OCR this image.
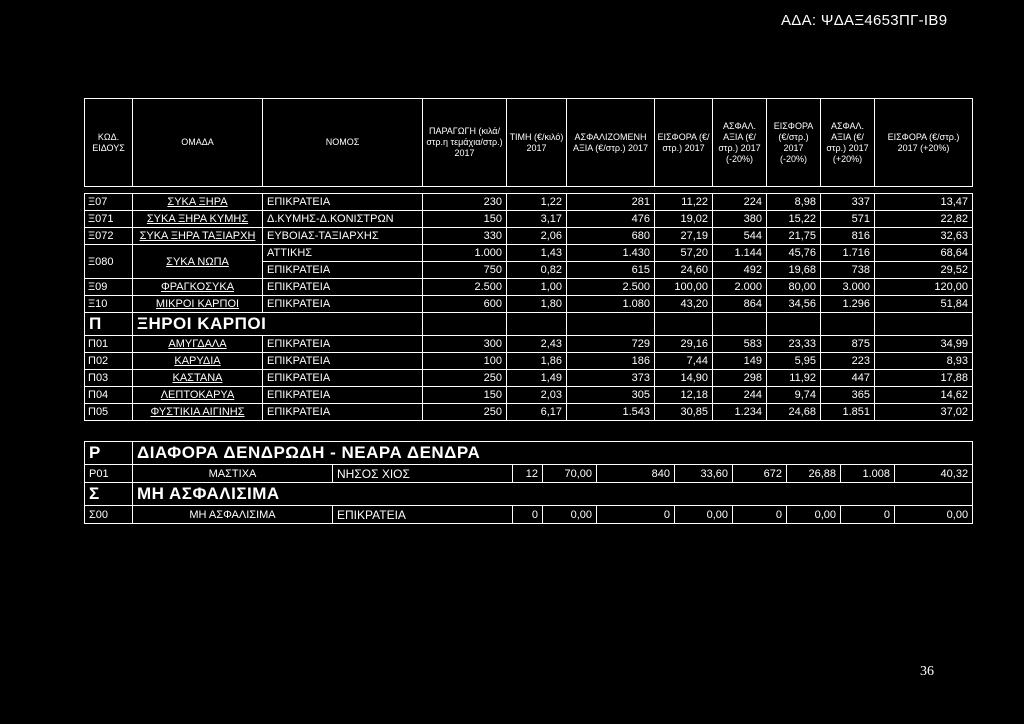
ΑΔΑ: ΨΔΑΞ4653ΠΓ-ΙΒ9
ΚΩΔ. ΕΙΔΟΥΣ	ΟΜΑΔΑ	ΝΟΜΟΣ	ΠΑΡΑΓΩΓΗ (κιλά/στρ.η τεμάχια/στρ.) 2017	ΤΙΜΗ (€/κιλό) 2017	ΑΣΦΑΛΙΖΟΜΕΝΗ ΑΞΙΑ (€/στρ.) 2017	ΕΙΣΦΟΡΑ (€/στρ.) 2017	ΑΣΦΑΛ. ΑΞΙΑ (€/στρ.) 2017 (-20%)	ΕΙΣΦΟΡΑ (€/στρ.) 2017 (-20%)	ΑΣΦΑΛ. ΑΞΙΑ (€/στρ.) 2017 (+20%)	ΕΙΣΦΟΡΑ (€/στρ.) 2017 (+20%)

Ξ07	ΣΥΚΑ ΞΗΡΑ	ΕΠΙΚΡΑΤΕΙΑ	230	1,22	281	11,22	224	8,98	337	13,47
Ξ071	ΣΥΚΑ ΞΗΡΑ ΚΥΜΗΣ	Δ.ΚΥΜΗΣ-Δ.ΚΟΝΙΣΤΡΩΝ	150	3,17	476	19,02	380	15,22	571	22,82
Ξ072	ΣΥΚΑ ΞΗΡΑ ΤΑΞΙΑΡΧΗ	ΕΥΒΟΙΑΣ-ΤΑΞΙΑΡΧΗΣ	330	2,06	680	27,19	544	21,75	816	32,63
Ξ080	ΣΥΚΑ ΝΩΠΑ	ΑΤΤΙΚΗΣ	1.000	1,43	1.430	57,20	1.144	45,76	1.716	68,64
		ΕΠΙΚΡΑΤΕΙΑ	750	0,82	615	24,60	492	19,68	738	29,52
Ξ09	ΦΡΑΓΚΟΣΥΚΑ	ΕΠΙΚΡΑΤΕΙΑ	2.500	1,00	2.500	100,00	2.000	80,00	3.000	120,00
Ξ10	ΜΙΚΡΟΙ ΚΑΡΠΟΙ	ΕΠΙΚΡΑΤΕΙΑ	600	1,80	1.080	43,20	864	34,56	1.296	51,84
Π	ΞΗΡΟΙ ΚΑΡΠΟΙ									
Π01	ΑΜΥΓΔΑΛΑ	ΕΠΙΚΡΑΤΕΙΑ	300	2,43	729	29,16	583	23,33	875	34,99
Π02	ΚΑΡΥΔΙΑ	ΕΠΙΚΡΑΤΕΙΑ	100	1,86	186	7,44	149	5,95	223	8,93
Π03	ΚΑΣΤΑΝΑ	ΕΠΙΚΡΑΤΕΙΑ	250	1,49	373	14,90	298	11,92	447	17,88
Π04	ΛΕΠΤΟΚΑΡΥΑ	ΕΠΙΚΡΑΤΕΙΑ	150	2,03	305	12,18	244	9,74	365	14,62
Π05	ΦΥΣΤΙΚΙΑ ΑΙΓΙΝΗΣ	ΕΠΙΚΡΑΤΕΙΑ	250	6,17	1.543	30,85	1.234	24,68	1.851	37,02
Ρ	ΔΙΑΦΟΡΑ ΔΕΝΔΡΩΔΗ - ΝΕΑΡΑ ΔΕΝΔΡΑ									
Ρ01	ΜΑΣΤΙΧΑ	ΝΗΣΟΣ ΧΙΟΣ	12	70,00	840	33,60	672	26,88	1.008	40,32
Σ	ΜΗ ΑΣΦΑΛΙΣΙΜΑ									
Σ00	ΜΗ ΑΣΦΑΛΙΣΙΜΑ	ΕΠΙΚΡΑΤΕΙΑ	0	0,00	0	0,00	0	0,00	0	0,00
36
